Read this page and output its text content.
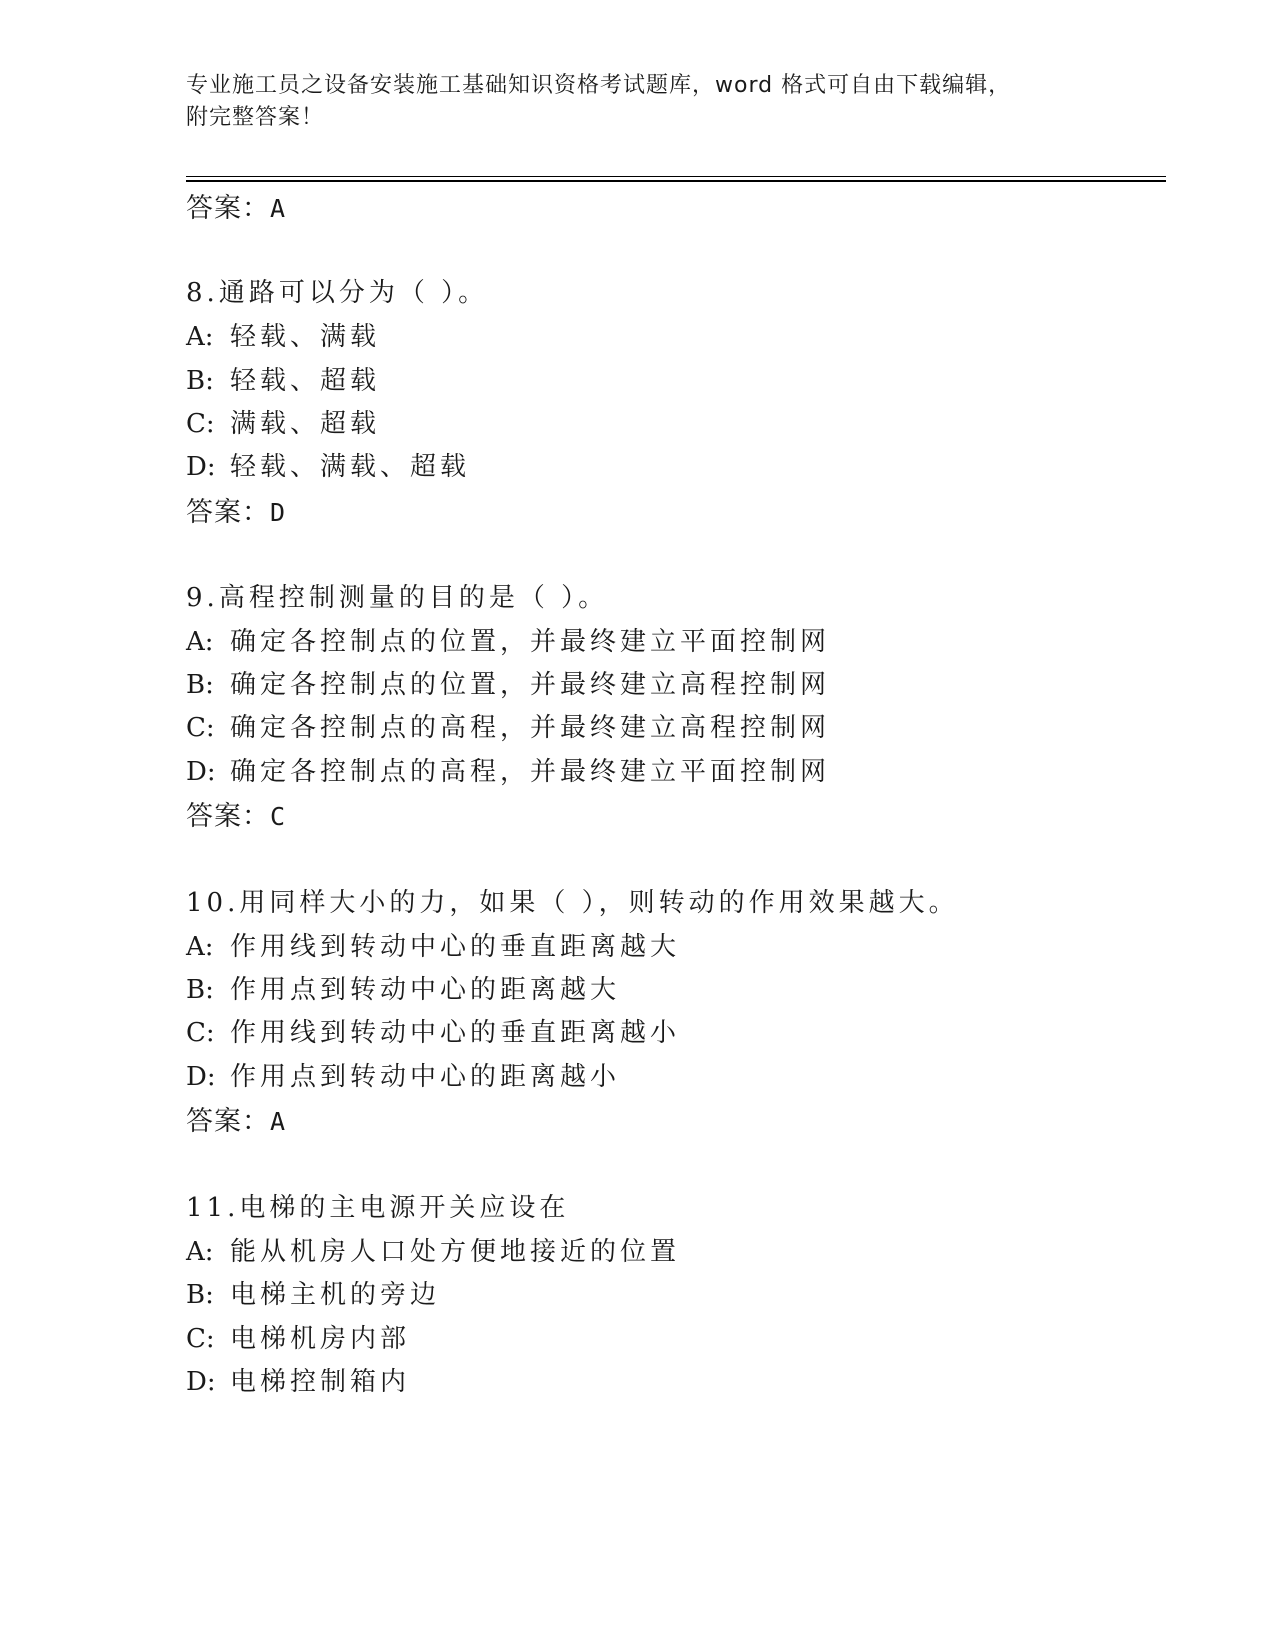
专业施工员之设备安装施工基础知识资格考试题库，word 格式可自由下载编辑，
附完整答案！
答案：A
8.通路可以分为（ ）。
A: 轻载、满载
B: 轻载、超载
C: 满载、超载
D: 轻载、满载、超载
答案：D
9.高程控制测量的目的是（ ）。
A: 确定各控制点的位置，并最终建立平面控制网
B: 确定各控制点的位置，并最终建立高程控制网
C: 确定各控制点的高程，并最终建立高程控制网
D: 确定各控制点的高程，并最终建立平面控制网
答案：C
10.用同样大小的力，如果（ ），则转动的作用效果越大。
A: 作用线到转动中心的垂直距离越大
B: 作用点到转动中心的距离越大
C: 作用线到转动中心的垂直距离越小
D: 作用点到转动中心的距离越小
答案：A
11.电梯的主电源开关应设在
A: 能从机房人口处方便地接近的位置
B: 电梯主机的旁边
C: 电梯机房内部
D: 电梯控制箱内
